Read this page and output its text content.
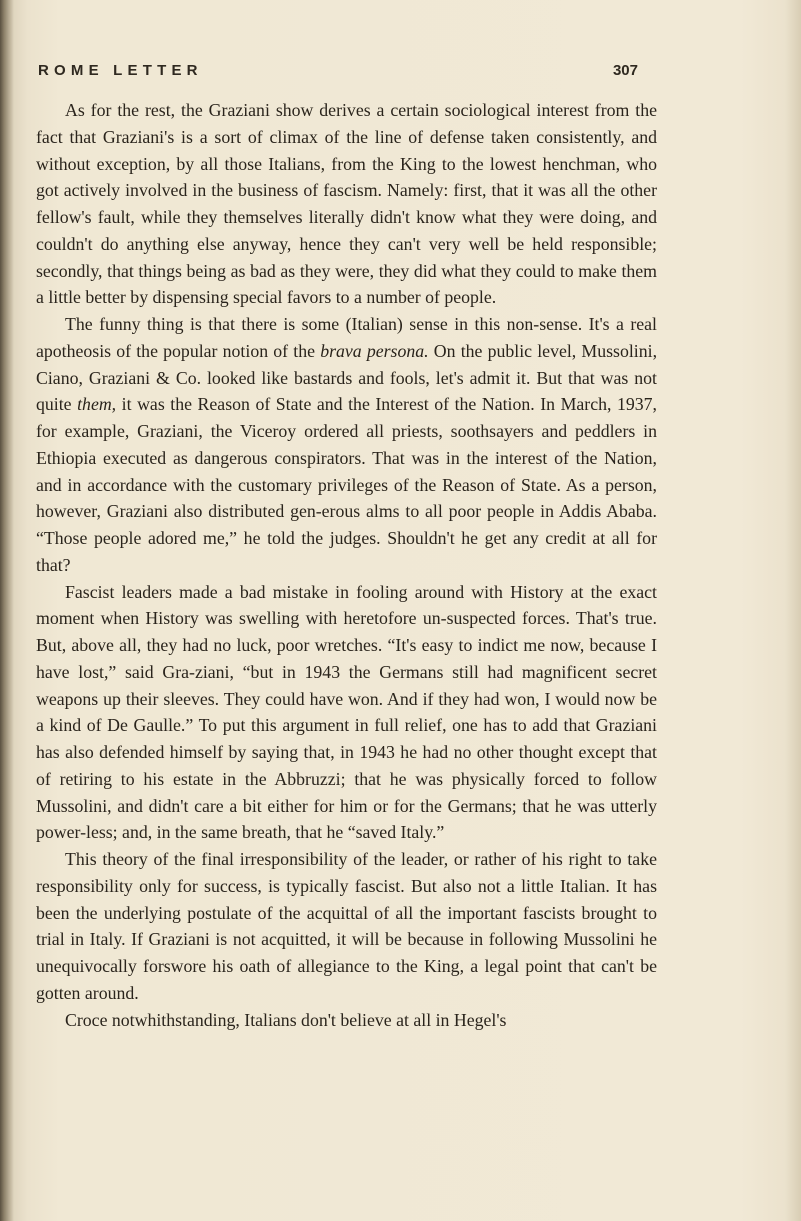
ROME LETTER	307

As for the rest, the Graziani show derives a certain sociological interest from the fact that Graziani's is a sort of climax of the line of defense taken consistently, and without exception, by all those Italians, from the King to the lowest henchman, who got actively involved in the business of fascism. Namely: first, that it was all the other fellow's fault, while they themselves literally didn't know what they were doing, and couldn't do anything else anyway, hence they can't very well be held responsible; secondly, that things being as bad as they were, they did what they could to make them a little better by dispensing special favors to a number of people.

The funny thing is that there is some (Italian) sense in this non-sense. It's a real apotheosis of the popular notion of the brava persona. On the public level, Mussolini, Ciano, Graziani & Co. looked like bastards and fools, let's admit it. But that was not quite them, it was the Reason of State and the Interest of the Nation. In March, 1937, for example, Graziani, the Viceroy ordered all priests, soothsayers and peddlers in Ethiopia executed as dangerous conspirators. That was in the interest of the Nation, and in accordance with the customary privileges of the Reason of State. As a person, however, Graziani also distributed gen-erous alms to all poor people in Addis Ababa. “Those people adored me,” he told the judges. Shouldn't he get any credit at all for that?

Fascist leaders made a bad mistake in fooling around with History at the exact moment when History was swelling with heretofore un-suspected forces. That's true. But, above all, they had no luck, poor wretches. “It's easy to indict me now, because I have lost,” said Gra-ziani, “but in 1943 the Germans still had magnificent secret weapons up their sleeves. They could have won. And if they had won, I would now be a kind of De Gaulle.” To put this argument in full relief, one has to add that Graziani has also defended himself by saying that, in 1943 he had no other thought except that of retiring to his estate in the Abbruzzi; that he was physically forced to follow Mussolini, and didn't care a bit either for him or for the Germans; that he was utterly power-less; and, in the same breath, that he “saved Italy.”

This theory of the final irresponsibility of the leader, or rather of his right to take responsibility only for success, is typically fascist. But also not a little Italian. It has been the underlying postulate of the acquittal of all the important fascists brought to trial in Italy. If Graziani is not acquitted, it will be because in following Mussolini he unequivocally forswore his oath of allegiance to the King, a legal point that can't be gotten around.

Croce notwhithstanding, Italians don't believe at all in Hegel's
